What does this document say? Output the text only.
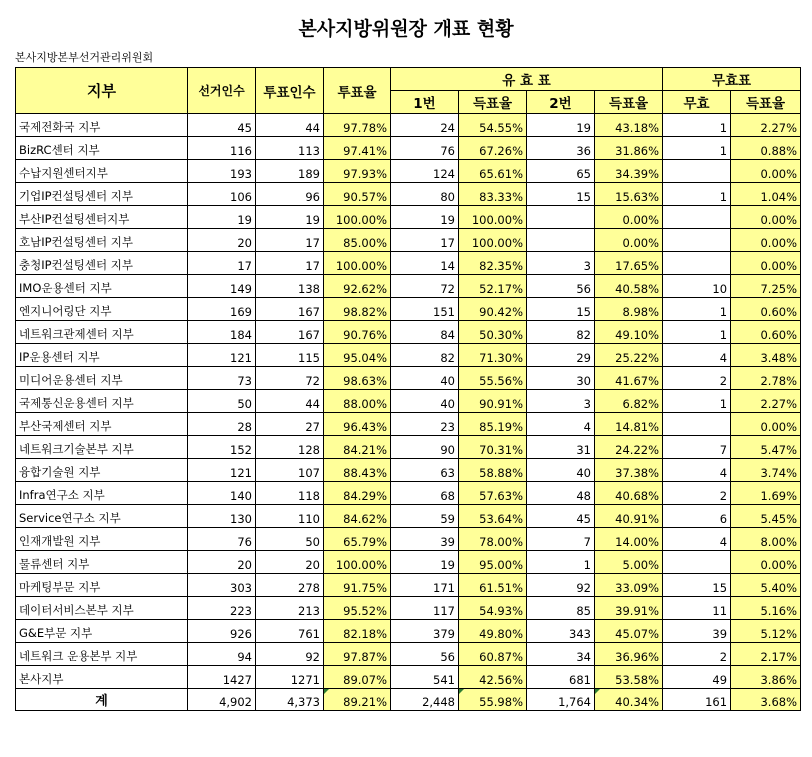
본사지방위원장 개표 현황
본사지방본부선거관리위원회
지부	선거인수	투표인수	투표율	유 효 표				무효표	
				1번	득표율	2번	득표율	무효	득표율
국제전화국 지부	45	44	97.78%	24	54.55%	19	43.18%	1	2.27%
BizRC센터 지부	116	113	97.41%	76	67.26%	36	31.86%	1	0.88%
수납지원센터지부	193	189	97.93%	124	65.61%	65	34.39%		0.00%
기업IP컨설팅센터 지부	106	96	90.57%	80	83.33%	15	15.63%	1	1.04%
부산IP컨설팅센터지부	19	19	100.00%	19	100.00%		0.00%		0.00%
호남IP컨설팅센터 지부	20	17	85.00%	17	100.00%		0.00%		0.00%
충청IP컨설팅센터 지부	17	17	100.00%	14	82.35%	3	17.65%		0.00%
IMO운용센터 지부	149	138	92.62%	72	52.17%	56	40.58%	10	7.25%
엔지니어링단 지부	169	167	98.82%	151	90.42%	15	8.98%	1	0.60%
네트워크관제센터 지부	184	167	90.76%	84	50.30%	82	49.10%	1	0.60%
IP운용센터 지부	121	115	95.04%	82	71.30%	29	25.22%	4	3.48%
미디어운용센터 지부	73	72	98.63%	40	55.56%	30	41.67%	2	2.78%
국제통신운용센터 지부	50	44	88.00%	40	90.91%	3	6.82%	1	2.27%
부산국제센터 지부	28	27	96.43%	23	85.19%	4	14.81%		0.00%
네트워크기술본부 지부	152	128	84.21%	90	70.31%	31	24.22%	7	5.47%
융합기술원 지부	121	107	88.43%	63	58.88%	40	37.38%	4	3.74%
Infra연구소 지부	140	118	84.29%	68	57.63%	48	40.68%	2	1.69%
Service연구소 지부	130	110	84.62%	59	53.64%	45	40.91%	6	5.45%
인재개발원 지부	76	50	65.79%	39	78.00%	7	14.00%	4	8.00%
물류센터 지부	20	20	100.00%	19	95.00%	1	5.00%		0.00%
마케팅부문 지부	303	278	91.75%	171	61.51%	92	33.09%	15	5.40%
데이터서비스본부 지부	223	213	95.52%	117	54.93%	85	39.91%	11	5.16%
G&E부문 지부	926	761	82.18%	379	49.80%	343	45.07%	39	5.12%
네트워크 운용본부 지부	94	92	97.87%	56	60.87%	34	36.96%	2	2.17%
본사지부	1427	1271	89.07%	541	42.56%	681	53.58%	49	3.86%
계	4,902	4,373	89.21%	2,448	55.98%	1,764	40.34%	161	3.68%
